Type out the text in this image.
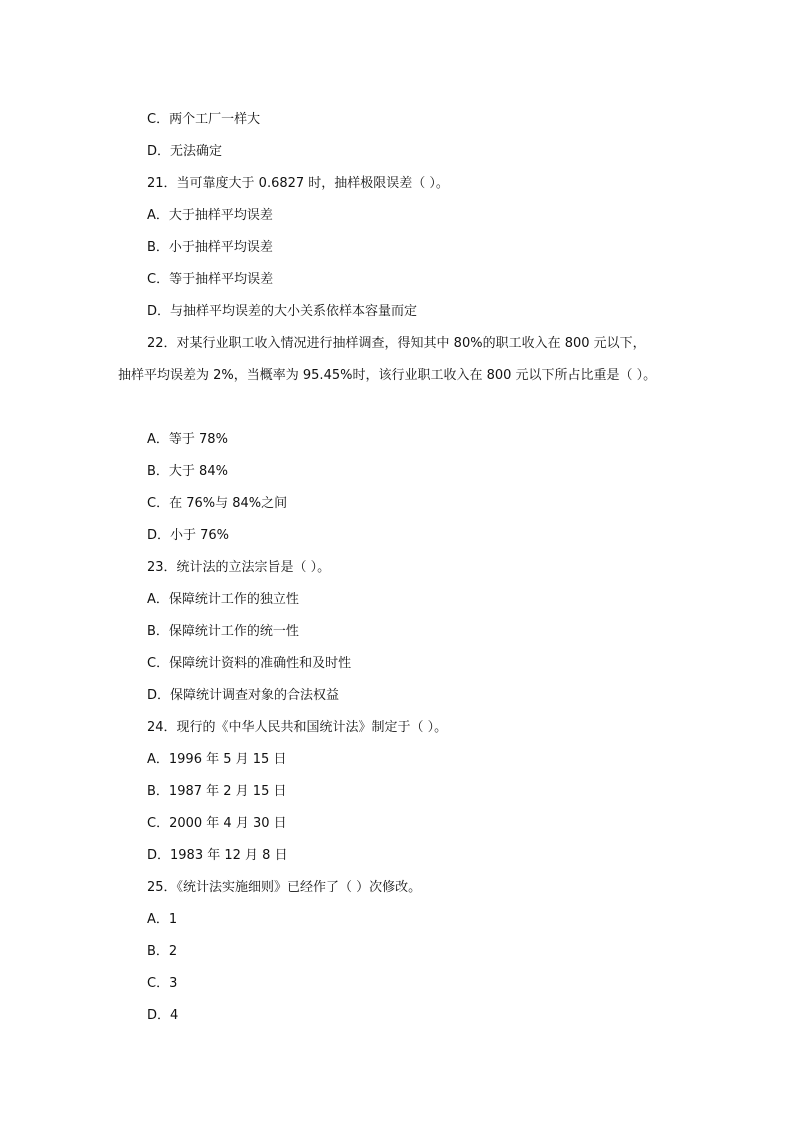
C．两个工厂一样大
D．无法确定
21．当可靠度大于 0.6827 时，抽样极限误差（ ）。
A．大于抽样平均误差
B．小于抽样平均误差
C．等于抽样平均误差
D．与抽样平均误差的大小关系依样本容量而定
22．对某行业职工收入情况进行抽样调查，得知其中 80%的职工收入在 800 元以下，
抽样平均误差为 2%，当概率为 95.45%时，该行业职工收入在 800 元以下所占比重是（ ）。
A．等于 78%
B．大于 84%
C．在 76%与 84%之间
D．小于 76%
23．统计法的立法宗旨是（ ）。
A．保障统计工作的独立性
B．保障统计工作的统一性
C．保障统计资料的准确性和及时性
D．保障统计调查对象的合法权益
24．现行的《中华人民共和国统计法》制定于（ ）。
A．1996 年 5 月 15 日
B．1987 年 2 月 15 日
C．2000 年 4 月 30 日
D．1983 年 12 月 8 日
25．《统计法实施细则》已经作了（ ）次修改。
A．1
B．2
C．3
D．4
